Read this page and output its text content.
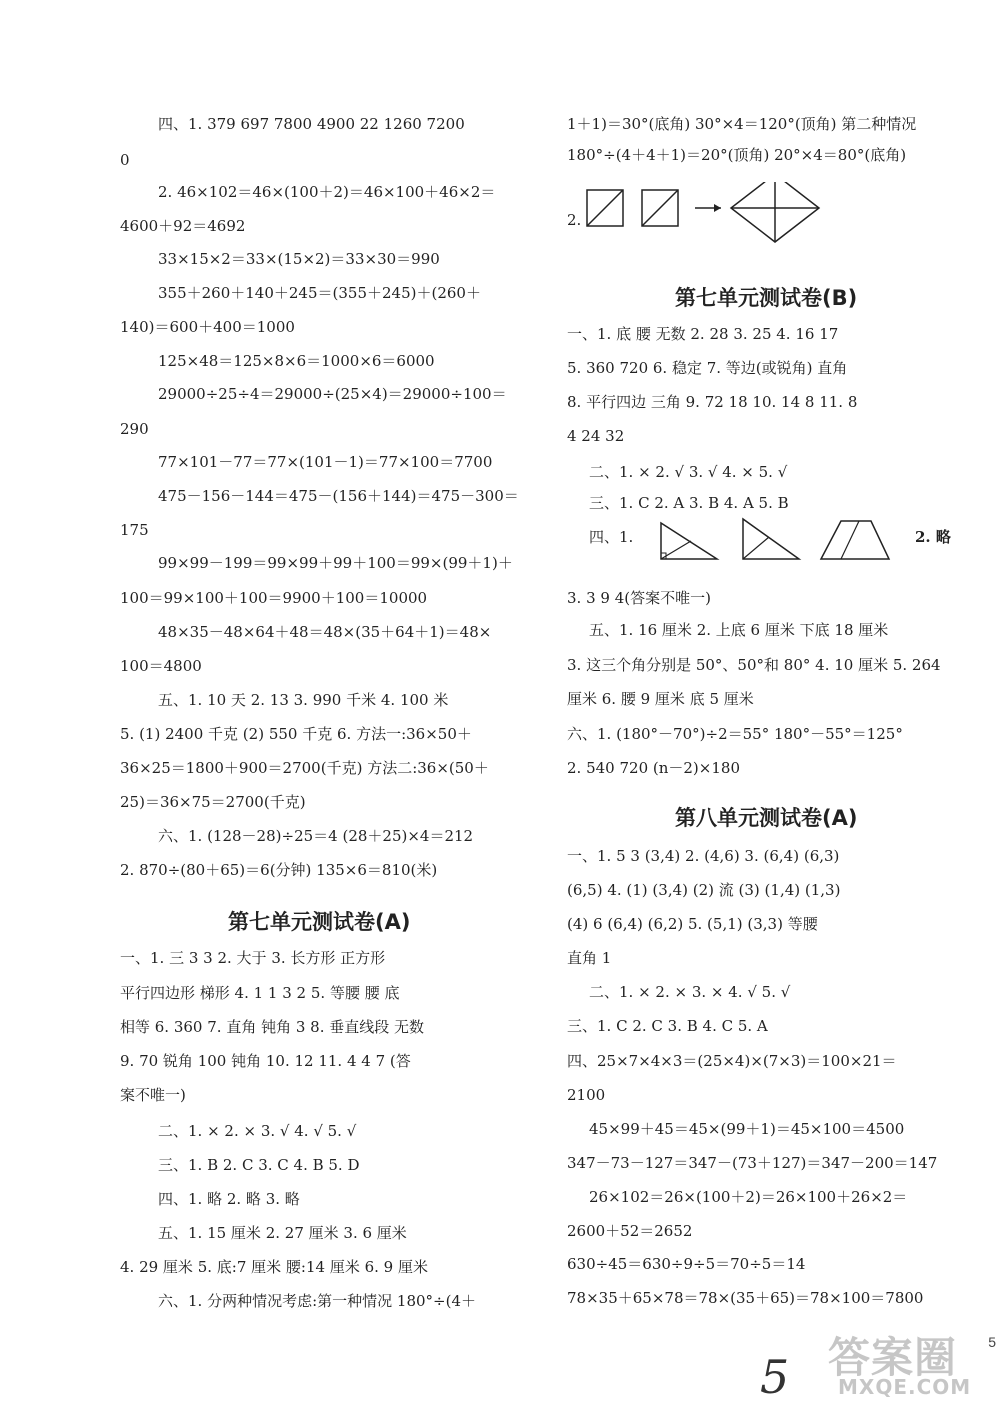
四、1. 379 697 7800 4900 22 1260 7200
0
2. 46×102＝46×(100＋2)＝46×100＋46×2＝
4600＋92＝4692
33×15×2＝33×(15×2)＝33×30＝990
355＋260＋140＋245＝(355＋245)＋(260＋
140)＝600＋400＝1000
125×48＝125×8×6＝1000×6＝6000
29000÷25÷4＝29000÷(25×4)＝29000÷100＝
290
77×101－77＝77×(101－1)＝77×100＝7700
475－156－144＝475－(156＋144)＝475－300＝
175
99×99－199＝99×99＋99＋100＝99×(99＋1)＋
100＝99×100＋100＝9900＋100＝10000
48×35－48×64＋48＝48×(35＋64＋1)＝48×
100＝4800
五、1. 10 天 2. 13 3. 990 千米 4. 100 米
5. (1) 2400 千克 (2) 550 千克 6. 方法一:36×50＋
36×25＝1800＋900＝2700(千克) 方法二:36×(50＋
25)＝36×75＝2700(千克)
六、1. (128－28)÷25＝4 (28＋25)×4＝212
2. 870÷(80＋65)＝6(分钟) 135×6＝810(米)
第七单元测试卷(A)
一、1. 三 3 3 2. 大于 3. 长方形 正方形
平行四边形 梯形 4. 1 1 3 2 5. 等腰 腰 底
相等 6. 360 7. 直角 钝角 3 8. 垂直线段 无数
9. 70 锐角 100 钝角 10. 12 11. 4 4 7 (答
案不唯一)
二、1. × 2. × 3. √ 4. √ 5. √
三、1. B 2. C 3. C 4. B 5. D
四、1. 略 2. 略 3. 略
五、1. 15 厘米 2. 27 厘米 3. 6 厘米
4. 29 厘米 5. 底:7 厘米 腰:14 厘米 6. 9 厘米
六、1. 分两种情况考虑:第一种情况 180°÷(4＋
1＋1)＝30°(底角) 30°×4＝120°(顶角) 第二种情况
180°÷(4＋4＋1)＝20°(顶角) 20°×4＝80°(底角)
2.
第七单元测试卷(B)
一、1. 底 腰 无数 2. 28 3. 25 4. 16 17
5. 360 720 6. 稳定 7. 等边(或锐角) 直角
8. 平行四边 三角 9. 72 18 10. 14 8 11. 8
4 24 32
二、1. × 2. √ 3. √ 4. × 5. √
三、1. C 2. A 3. B 4. A 5. B
四、1.	2. 略
3. 3 9 4(答案不唯一)
五、1. 16 厘米 2. 上底 6 厘米 下底 18 厘米
3. 这三个角分别是 50°、50°和 80° 4. 10 厘米 5. 264
厘米 6. 腰 9 厘米 底 5 厘米
六、1. (180°－70°)÷2＝55° 180°－55°＝125°
2. 540 720 (n－2)×180
第八单元测试卷(A)
一、1. 5 3 (3,4) 2. (4,6) 3. (6,4) (6,3)
(6,5) 4. (1) (3,4) (2) 流 (3) (1,4) (1,3)
(4) 6 (6,4) (6,2) 5. (5,1) (3,3) 等腰
直角 1
二、1. × 2. × 3. × 4. √ 5. √
三、1. C 2. C 3. B 4. C 5. A
四、25×7×4×3＝(25×4)×(7×3)＝100×21＝
2100
45×99＋45＝45×(99＋1)＝45×100＝4500
347－73－127＝347－(73＋127)＝347－200＝147
26×102＝26×(100＋2)＝26×100＋26×2＝
2600＋52＝2652
630÷45＝630÷9÷5＝70÷5＝14
78×35＋65×78＝78×(35＋65)＝78×100＝7800
5
5 答案圈
MXQE.COM
